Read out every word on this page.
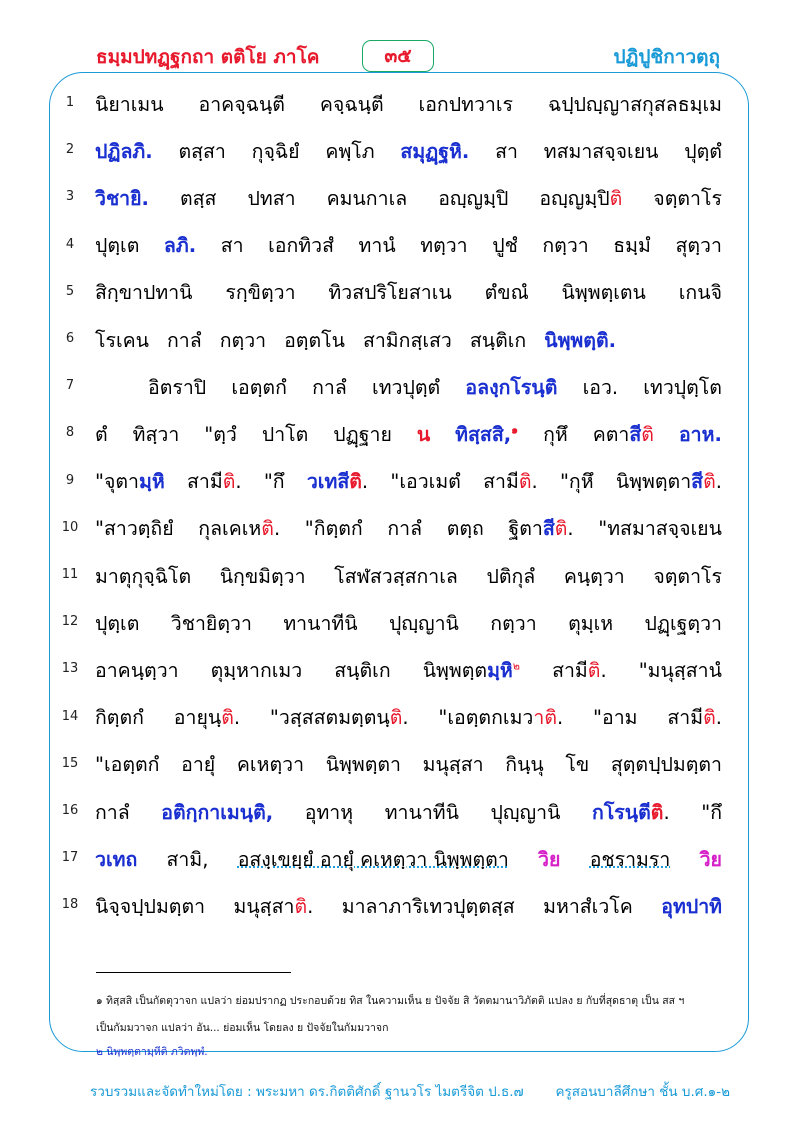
ธมฺมปทฏฺฐกถา ตติโย ภาโค	๓๕	ปฏิปูชิกาวตฺถุ
1	นิยาเมน อาคจฺฉนฺตี คจฺฉนฺตี เอกปทวาเร ฉปฺปญฺญาสกุสลธมฺเม
2	ปฏิลภิ. ตสฺสา กุจฺฉิยํ คพฺโภ สมุฏฺฐหิ. สา ทสมาสจฺจเยน ปุตฺตํ
3	วิชายิ. ตสฺส ปทสา คมนกาเล อญฺญมฺปิ อญฺญมฺปิติ จตฺตาโร
4	ปุตฺเต ลภิ. สา เอกทิวสํ ทานํ ทตฺวา ปูชํ กตฺวา ธมฺมํ สุตฺวา
5	สิกฺขาปทานิ รกฺขิตฺวา ทิวสปริโยสาเน ตํขณํ นิพฺพตฺเตน เกนจิ
6	โรเคน กาลํ กตฺวา อตฺตโน สามิกสฺเสว สนฺติเก นิพฺพตฺติ.
7	อิตราปิ เอตฺตกํ กาลํ เทวปุตฺตํ อลงฺกโรนฺติ เอว. เทวปุตฺโต
8	ตํ ทิสฺวา "ตฺวํ ปาโต ปฏฺฐาย น ทิสฺสสิ,$^๑$ กุหึ คตาสีติ อาห.
9	"จุตามฺหิ สามีติ. "กึ วเทสีติ. "เอวเมตํ สามีติ. "กุหึ นิพฺพตฺตาสีติ.
10 "สาวตฺถิยํ กุลเคเหติ. "กิตฺตกํ กาลํ ตตฺถ ฐิตาสีติ. "ทสมาสจฺจเยน
11 มาตุกุจฺฉิโต นิกฺขมิตฺวา โสฬสวสฺสกาเล ปติกุลํ คนฺตฺวา จตฺตาโร
12 ปุตฺเต วิชายิตฺวา ทานาทีนิ ปุญฺญานิ กตฺวา ตุมฺเห ปฏฺเฐตฺวา
13 อาคนฺตฺวา ตุมฺหากเมว สนฺติเก นิพฺพตฺตมฺหิ$^๒$ สามีติ. "มนุสฺสานํ
14 กิตฺตกํ อายุนฺติ. "วสฺสสตมตฺตนฺติ. "เอตฺตกเมวาติ. "อาม สามีติ.
15 "เอตฺตกํ อายุํ คเหตฺวา นิพฺพตฺตา มนุสฺสา กินฺนุ โข สุตฺตปฺปมตฺตา
16 กาลํ อติกฺกาเมนฺติ, อุทาหุ ทานาทีนิ ปุญฺญานิ กโรนฺตีติ. "กึ
17 วเทถ สามิ, อสงฺเขยฺยํ อายุํ คเหตฺวา นิพฺพตฺตา วิย อชรามรา วิย
18 นิจฺจปฺปมตฺตา มนุสฺสาติ. มาลาภาริเทวปุตฺตสฺส มหาสํเวโค อุทปาทิ
๑ ทิสฺสสิ เป็นกัตตุวาจก แปลว่า ย่อมปรากฏ ประกอบด้วย ทิส ในความเห็น ย ปัจจัย สิ วัตตมานาวิภัตติ แปลง ย กับที่สุดธาตุ เป็น สส ฯ
เป็นกัมมวาจก แปลว่า อัน... ย่อมเห็น โดยลง ย ปัจจัยในกัมมวาจก
๒ นิพฺพตฺตามฺหีติ ภวิตพฺพํ.
รวบรวมและจัดทำใหม่โดย : พระมหา ดร.กิตติศักดิ์ ฐานวโร ไมตรีจิต ป.ธ.๗ ครูสอนบาลีศึกษา ชั้น บ.ศ.๑-๒
